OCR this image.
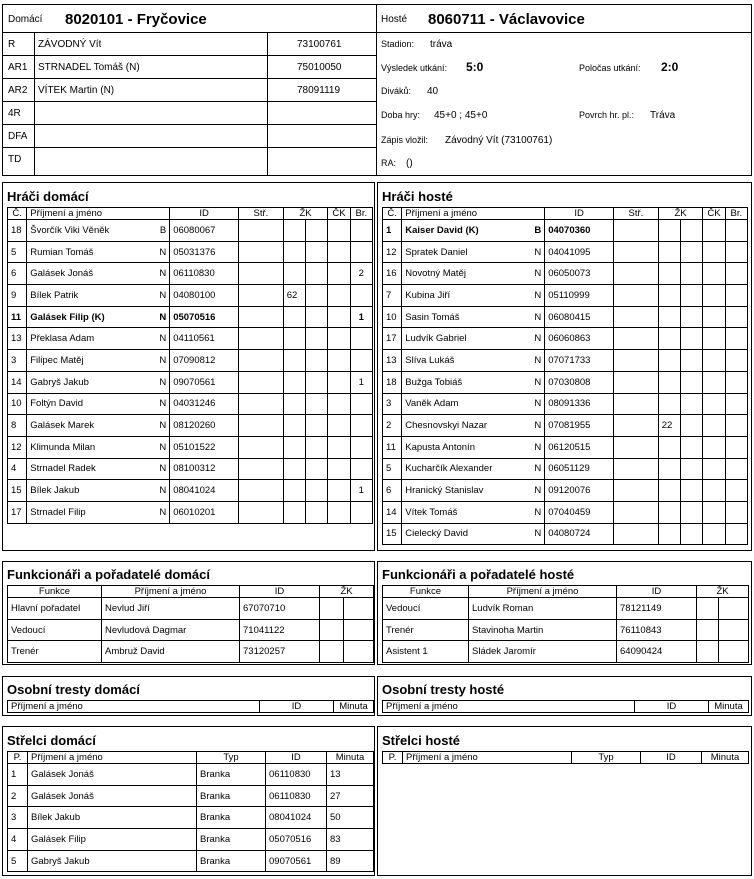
Domácí 8020101 - Fryčovice	Hosté 8060711 - Václavovice
R ZÁVODNÝ Vít	73100761
AR1 STRNADEL Tomáš (N)	75010050
AR2 VÍTEK Martin (N)	78091119
4R
DFA
TD
Stadion: tráva
Výsledek utkání: 5:0	Poločas utkání: 2:0
Diváků: 40
Doba hry: 45+0 ; 45+0	Povrch hr. pl.: Tráva
Zápis vložil: Závodný Vít (73100761)
RA: ()
Hráči domácí	Hráči hosté
Č.	Příjmení a jméno	ID	Stř.	ŽK		ČK	Br.
18	Švorčík Viki Věněk B	06080067					
5	Rumian Tomáš N	05031376					
6	Galásek Jonáš N	06110830					2
9	Bílek Patrik N	04080100		62			
11	Galásek Filip (K) N	05070516					1
13	Překlasa Adam N	04110561					
3	Filipec Matěj N	07090812					
14	Gabryš Jakub N	09070561					1
10	Foltýn David N	04031246					
8	Galásek Marek N	08120260					
12	Klimunda Milan N	05101522					
4	Strnadel Radek N	08100312					
15	Bílek Jakub N	08041024					1
17	Strnadel Filip N	06010201					
Č.	Příjmení a jméno	ID	Stř.	ŽK		ČK	Br.
1	Kaiser David (K) B	04070360					
12	Spratek Daniel N	04041095					
16	Novotný Matěj N	06050073					
7	Kubina Jiří N	05110999					
10	Sasin Tomáš N	06080415					
17	Ludvík Gabriel N	06060863					
13	Slíva Lukáš N	07071733					
18	Bužga Tobiáš N	07030808					
3	Vaněk Adam N	08091336					
2	Chesnovskyi Nazar N	07081955		22			
11	Kapusta Antonín N	06120515					
5	Kucharčík Alexander N	06051129					
6	Hranický Stanislav N	09120076					
14	Vítek Tomáš N	07040459					
15	Cielecký David N	04080724					
Funkcionáři a pořadatelé domácí	Funkcionáři a pořadatelé hosté
Funkce	Příjmení a jméno	ID	ŽK	
Hlavní pořadatel	Nevlud Jiří	67070710		
Vedoucí	Nevludová Dagmar	71041122		
Trenér	Ambruž David	73120257		
Funkce	Příjmení a jméno	ID	ŽK	
Vedoucí	Ludvík Roman	78121149		
Trenér	Stavinoha Martin	76110843		
Asistent 1	Sládek Jaromír	64090424		
Osobní tresty domácí	Osobní tresty hosté
Příjmení a jméno	ID	Minuta Příjmení a jméno	ID	Minuta
Střelci domácí	Střelci hosté
P.	Příjmení a jméno	Typ	ID	Minuta
1	Galásek Jonáš	Branka	06110830	13
2	Galásek Jonáš	Branka	06110830	27
3	Bílek Jakub	Branka	08041024	50
4	Galásek Filip	Branka	05070516	83
5	Gabryš Jakub	Branka	09070561	89
P.	Příjmení a jméno	Typ	ID	Minuta
